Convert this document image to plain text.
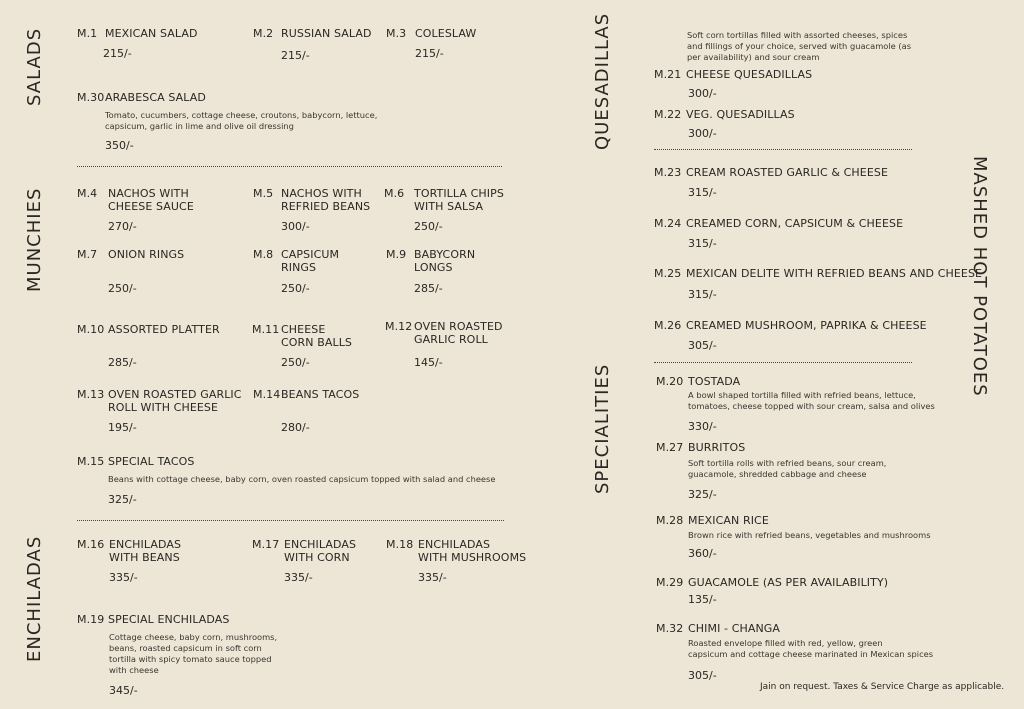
SALADS
MUNCHIES
ENCHILADAS
QUESADILLAS
SPECIALITIES
MASHED HOT POTATOES
M.1 MEXICAN SALAD
215/-
M.2 RUSSIAN SALAD
215/-
M.3 COLESLAW
215/-
M.30 ARABESCA SALAD
Tomato, cucumbers, cottage cheese, croutons, babycorn, lettuce,
capsicum, garlic in lime and olive oil dressing
350/-
M.4 NACHOS WITH
CHEESE SAUCE
270/-
M.5 NACHOS WITH
REFRIED BEANS
300/-
M.6 TORTILLA CHIPS
WITH SALSA
250/-
M.7 ONION RINGS
250/-
M.8 CAPSICUM
RINGS
250/-
M.9 BABYCORN
LONGS
285/-
M.10 ASSORTED PLATTER
285/-
M.11 CHEESE
CORN BALLS
250/-
M.12 OVEN ROASTED
GARLIC ROLL
145/-
M.13 OVEN ROASTED GARLIC
ROLL WITH CHEESE
195/-
M.14 BEANS TACOS
280/-
M.15 SPECIAL TACOS
Beans with cottage cheese, baby corn, oven roasted capsicum topped with salad and cheese
325/-
M.16 ENCHILADAS
WITH BEANS
335/-
M.17 ENCHILADAS
WITH CORN
335/-
M.18 ENCHILADAS
WITH MUSHROOMS
335/-
M.19 SPECIAL ENCHILADAS
Cottage cheese, baby corn, mushrooms,
beans, roasted capsicum in soft corn
tortilla with spicy tomato sauce topped
with cheese
345/-
Soft corn tortillas filled with assorted cheeses, spices
and fillings of your choice, served with guacamole (as
per availability) and sour cream
M.21 CHEESE QUESADILLAS
300/-
M.22 VEG. QUESADILLAS
300/-
M.23 CREAM ROASTED GARLIC & CHEESE
315/-
M.24 CREAMED CORN, CAPSICUM & CHEESE
315/-
M.25 MEXICAN DELITE WITH REFRIED BEANS AND CHEESE
315/-
M.26 CREAMED MUSHROOM, PAPRIKA & CHEESE
305/-
M.20 TOSTADA
A bowl shaped tortilla filled with refried beans, lettuce,
tomatoes, cheese topped with sour cream, salsa and olives
330/-
M.27 BURRITOS
Soft tortilla rolls with refried beans, sour cream,
guacamole, shredded cabbage and cheese
325/-
M.28 MEXICAN RICE
Brown rice with refried beans, vegetables and mushrooms
360/-
M.29 GUACAMOLE (AS PER AVAILABILITY)
135/-
M.32 CHIMI - CHANGA
Roasted envelope filled with red, yellow, green
capsicum and cottage cheese marinated in Mexican spices
305/-
Jain on request. Taxes & Service Charge as applicable.
